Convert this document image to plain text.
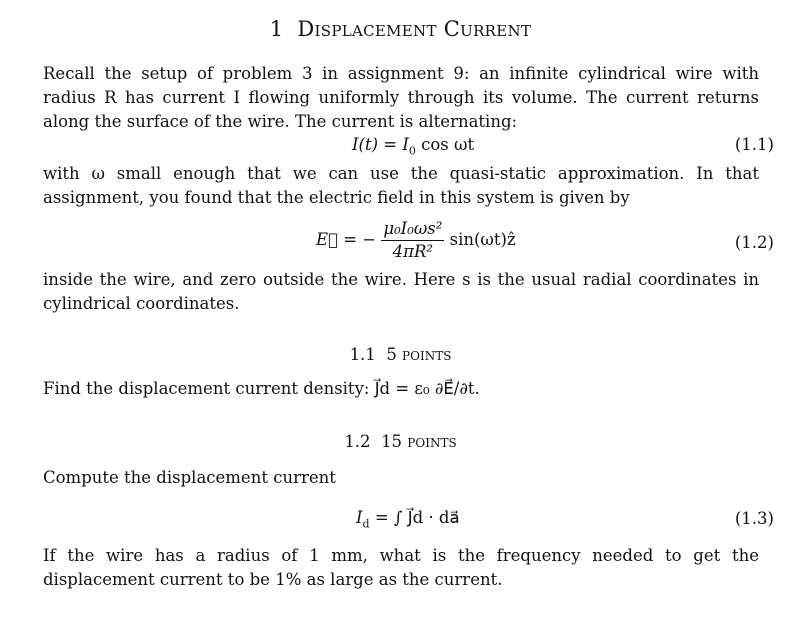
1 Displacement Current
Recall the setup of problem 3 in assignment 9: an infinite cylindrical wire with radius R has current I flowing uniformly through its volume. The current returns along the surface of the wire. The current is alternating:
$I(t) = I_0$ cos ωt	(1.1)
with ω small enough that we can use the quasi-static approximation. In that assignment, you found that the electric field in this system is given by
E⃗ = − $\frac{\text{μ₀I₀ωs²}}{\text{4πR²}}$ sin(ωt)ẑ	(1.2)
inside the wire, and zero outside the wire. Here s is the usual radial coordinates in cylindrical coordinates.
1.1 5 points
Find the displacement current density: J⃗d = ε₀ ∂E⃗/∂t.
1.2 15 points
Compute the displacement current
$I_d$ = ∫ J⃗d · da⃗	(1.3)
If the wire has a radius of 1 mm, what is the frequency needed to get the displacement current to be 1% as large as the current.
